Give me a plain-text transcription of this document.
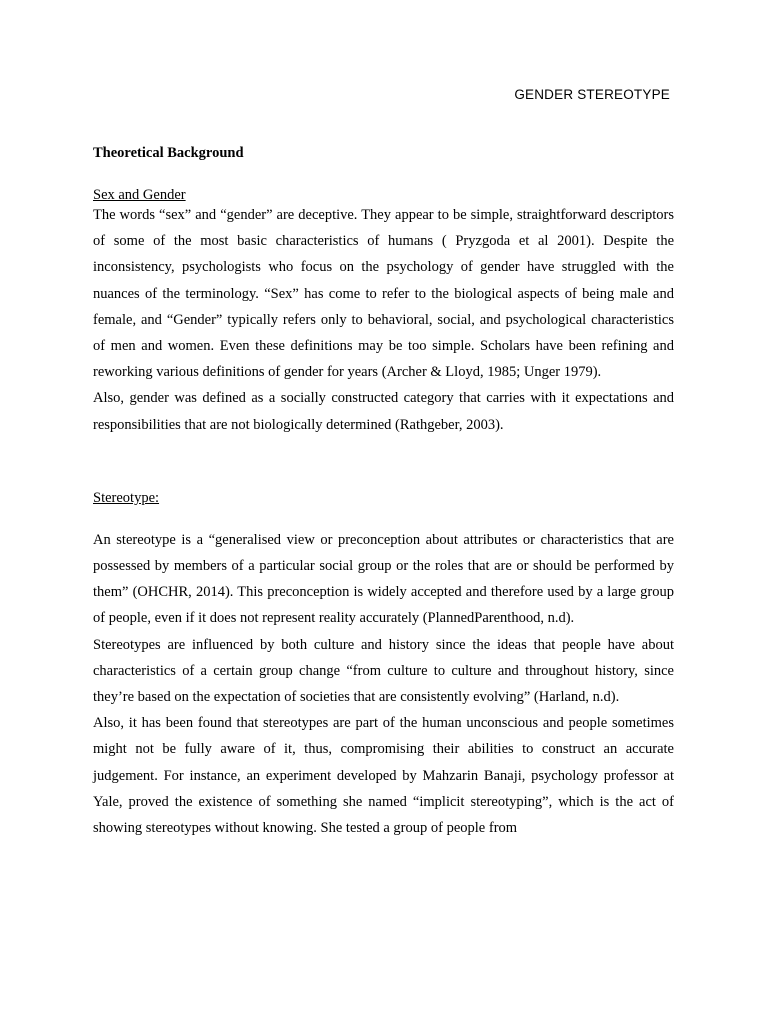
GENDER STEREOTYPE

Theoretical Background

Sex and Gender

The words “sex” and “gender” are deceptive. They appear to be simple, straightforward descriptors of some of the most basic characteristics of humans ( Pryzgoda et al 2001). Despite the inconsistency, psychologists who focus on the psychology of gender have struggled with the nuances of the terminology. “Sex” has come to refer to the biological aspects of being male and female, and “Gender” typically refers only to behavioral, social, and psychological characteristics of men and women. Even these definitions may be too simple. Scholars have been refining and reworking various definitions of gender for years (Archer & Lloyd, 1985; Unger 1979).

Also, gender was defined as a socially constructed category that carries with it expectations and responsibilities that are not biologically determined (Rathgeber, 2003).

Stereotype:

An stereotype is a “generalised view or preconception about attributes or characteristics that are possessed by members of a particular social group or the roles that are or should be performed by them” (OHCHR, 2014). This preconception is widely accepted and therefore used by a large group of people, even if it does not represent reality accurately (PlannedParenthood, n.d).

Stereotypes are influenced by both culture and history since the ideas that people have about characteristics of a certain group change “from culture to culture and throughout history, since they’re based on the expectation of societies that are consistently evolving” (Harland, n.d).

Also, it has been found that stereotypes are part of the human unconscious and people sometimes might not be fully aware of it, thus, compromising their abilities to construct an accurate judgement. For instance, an experiment developed by Mahzarin Banaji, psychology professor at Yale, proved the existence of something she named “implicit stereotyping”, which is the act of showing stereotypes without knowing. She tested a group of people from
